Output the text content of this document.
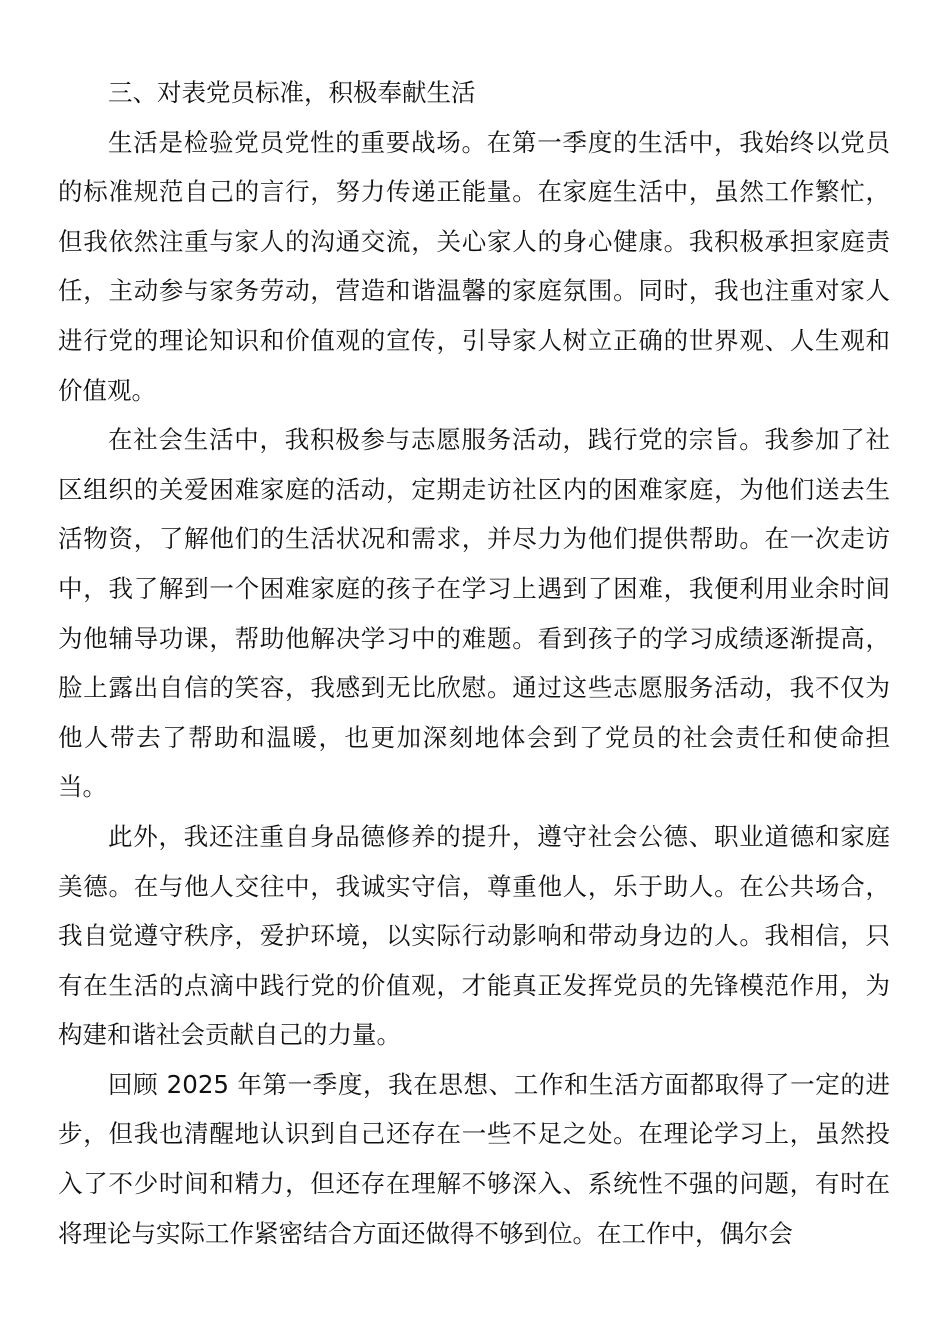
三、对表党员标准，积极奉献生活

生活是检验党员党性的重要战场。在第一季度的生活中，我始终以党员的标准规范自己的言行，努力传递正能量。在家庭生活中，虽然工作繁忙，但我依然注重与家人的沟通交流，关心家人的身心健康。我积极承担家庭责任，主动参与家务劳动，营造和谐温馨的家庭氛围。同时，我也注重对家人进行党的理论知识和价值观的宣传，引导家人树立正确的世界观、人生观和价值观。

在社会生活中，我积极参与志愿服务活动，践行党的宗旨。我参加了社区组织的关爱困难家庭的活动，定期走访社区内的困难家庭，为他们送去生活物资，了解他们的生活状况和需求，并尽力为他们提供帮助。在一次走访中，我了解到一个困难家庭的孩子在学习上遇到了困难，我便利用业余时间为他辅导功课，帮助他解决学习中的难题。看到孩子的学习成绩逐渐提高，脸上露出自信的笑容，我感到无比欣慰。通过这些志愿服务活动，我不仅为他人带去了帮助和温暖，也更加深刻地体会到了党员的社会责任和使命担当。

此外，我还注重自身品德修养的提升，遵守社会公德、职业道德和家庭美德。在与他人交往中，我诚实守信，尊重他人，乐于助人。在公共场合，我自觉遵守秩序，爱护环境，以实际行动影响和带动身边的人。我相信，只有在生活的点滴中践行党的价值观，才能真正发挥党员的先锋模范作用，为构建和谐社会贡献自己的力量。

回顾 2025 年第一季度，我在思想、工作和生活方面都取得了一定的进步，但我也清醒地认识到自己还存在一些不足之处。在理论学习上，虽然投入了不少时间和精力，但还存在理解不够深入、系统性不强的问题，有时在将理论与实际工作紧密结合方面还做得不够到位。在工作中，偶尔会
